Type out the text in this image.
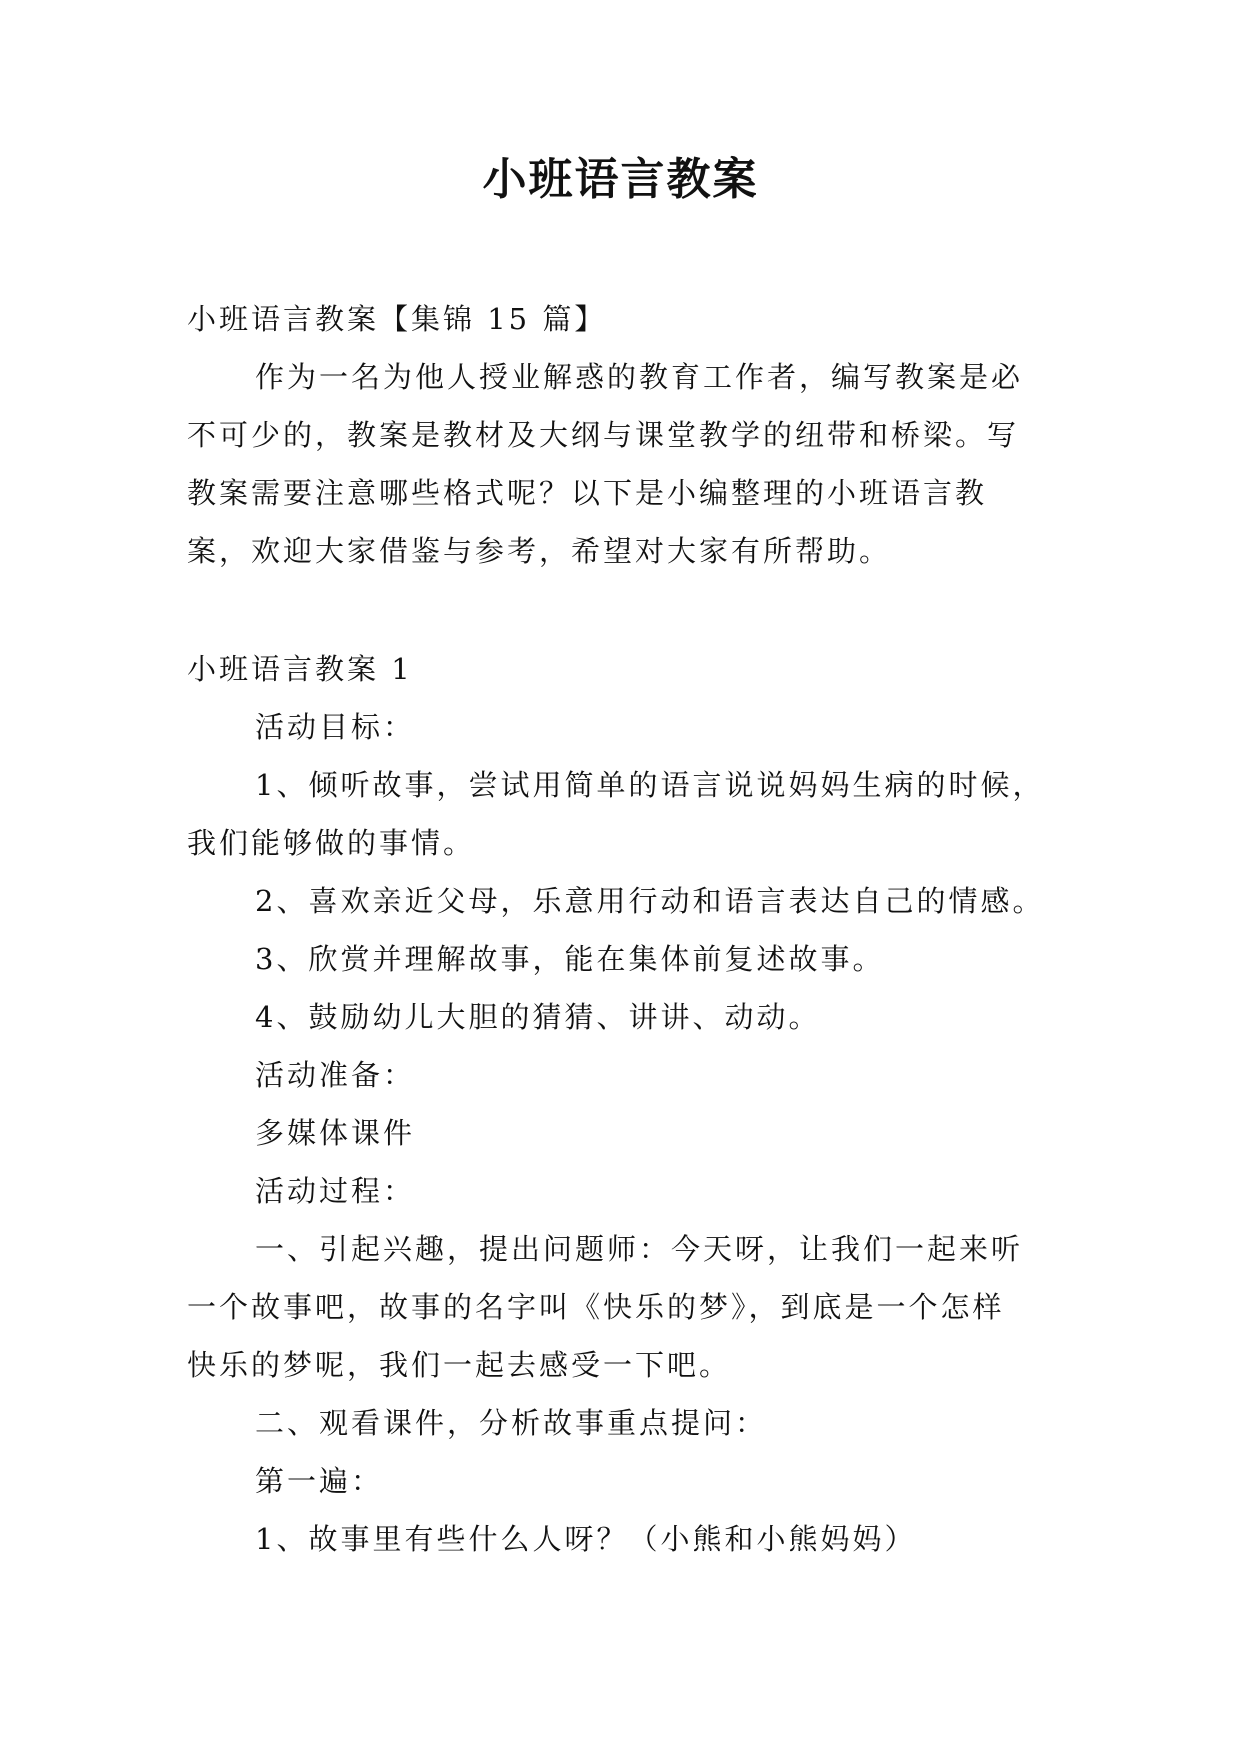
小班语言教案
小班语言教案【集锦 15 篇】
作为一名为他人授业解惑的教育工作者，编写教案是必
不可少的，教案是教材及大纲与课堂教学的纽带和桥梁。写
教案需要注意哪些格式呢？以下是小编整理的小班语言教
案，欢迎大家借鉴与参考，希望对大家有所帮助。
小班语言教案 1
活动目标：
1、倾听故事，尝试用简单的语言说说妈妈生病的时候，
我们能够做的事情。
2、喜欢亲近父母，乐意用行动和语言表达自己的情感。
3、欣赏并理解故事，能在集体前复述故事。
4、鼓励幼儿大胆的猜猜、讲讲、动动。
活动准备：
多媒体课件
活动过程：
一、引起兴趣，提出问题师：今天呀，让我们一起来听
一个故事吧，故事的名字叫《快乐的梦》，到底是一个怎样
快乐的梦呢，我们一起去感受一下吧。
二、观看课件，分析故事重点提问：
第一遍：
1、故事里有些什么人呀？（小熊和小熊妈妈）
